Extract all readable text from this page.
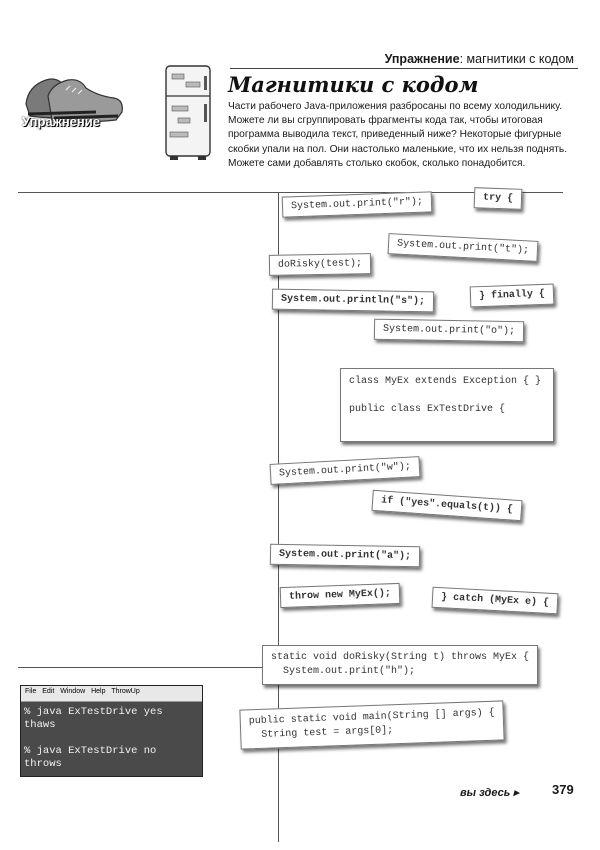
Упражнение: магнитики с кодом
Упражнение
Магнитики с кодом
Части рабочего Java-приложения разбросаны по всему холодильнику. Можете ли вы сгруппировать фрагменты кода так, чтобы итоговая программа выводила текст, приведенный ниже? Некоторые фигурные скобки упали на пол. Они настолько маленькие, что их нельзя поднять. Можете сами добавлять столько скобок, сколько понадобится.
System.out.print("r");	try {
System.out.print("t");
doRisky(test);
System.out.println("s");	} finally {
System.out.print("o");
class MyEx extends Exception { }

public class ExTestDrive {
System.out.print("w");
if ("yes".equals(t)) {
System.out.print("a");
throw new MyEx();	} catch (MyEx e) {
static void doRisky(String t) throws MyEx {
System.out.print("h");
public static void main(String [] args) {
String test = args[0];
File Edit Window Help ThrowUp
% java ExTestDrive yes
thaws

% java ExTestDrive no
throws
вы здесь ▸	379
